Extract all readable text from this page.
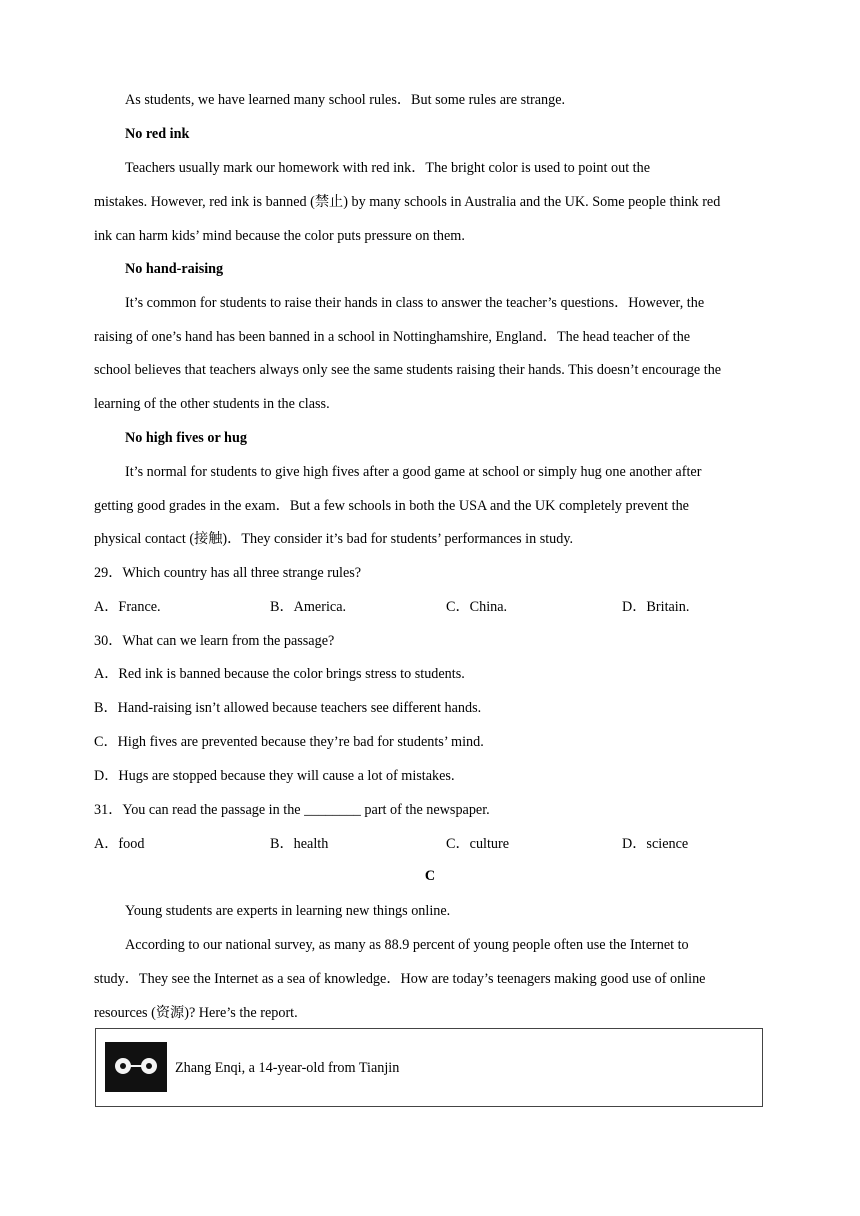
As students, we have learned many school rules．But some rules are strange.
No red ink
Teachers usually mark our homework with red ink．The bright color is used to point out the
mistakes. However, red ink is banned (禁止) by many schools in Australia and the UK. Some people think red
ink can harm kids’ mind because the color puts pressure on them.
No hand-raising
It’s common for students to raise their hands in class to answer the teacher’s questions．However, the
raising of one’s hand has been banned in a school in Nottinghamshire, England．The head teacher of the
school believes that teachers always only see the same students raising their hands. This doesn’t encourage the
learning of the other students in the class.
No high fives or hug
It’s normal for students to give high fives after a good game at school or simply hug one another after
getting good grades in the exam．But a few schools in both the USA and the UK completely prevent the
physical contact (接触)．They consider it’s bad for students’ performances in study.
29．Which country has all three strange rules?
A．France.	B．America.	C．China.	D．Britain.
30．What can we learn from the passage?
A．Red ink is banned because the color brings stress to students.
B．Hand-raising isn’t allowed because teachers see different hands.
C．High fives are prevented because they’re bad for students’ mind.
D．Hugs are stopped because they will cause a lot of mistakes.
31．You can read the passage in the ________ part of the newspaper.
A．food	B．health	C．culture	D．science
C
Young students are experts in learning new things online.
According to our national survey, as many as 88.9 percent of young people often use the Internet to
study．They see the Internet as a sea of knowledge．How are today’s teenagers making good use of online
resources (资源)? Here’s the report.
Zhang Enqi, a 14-year-old from Tianjin
